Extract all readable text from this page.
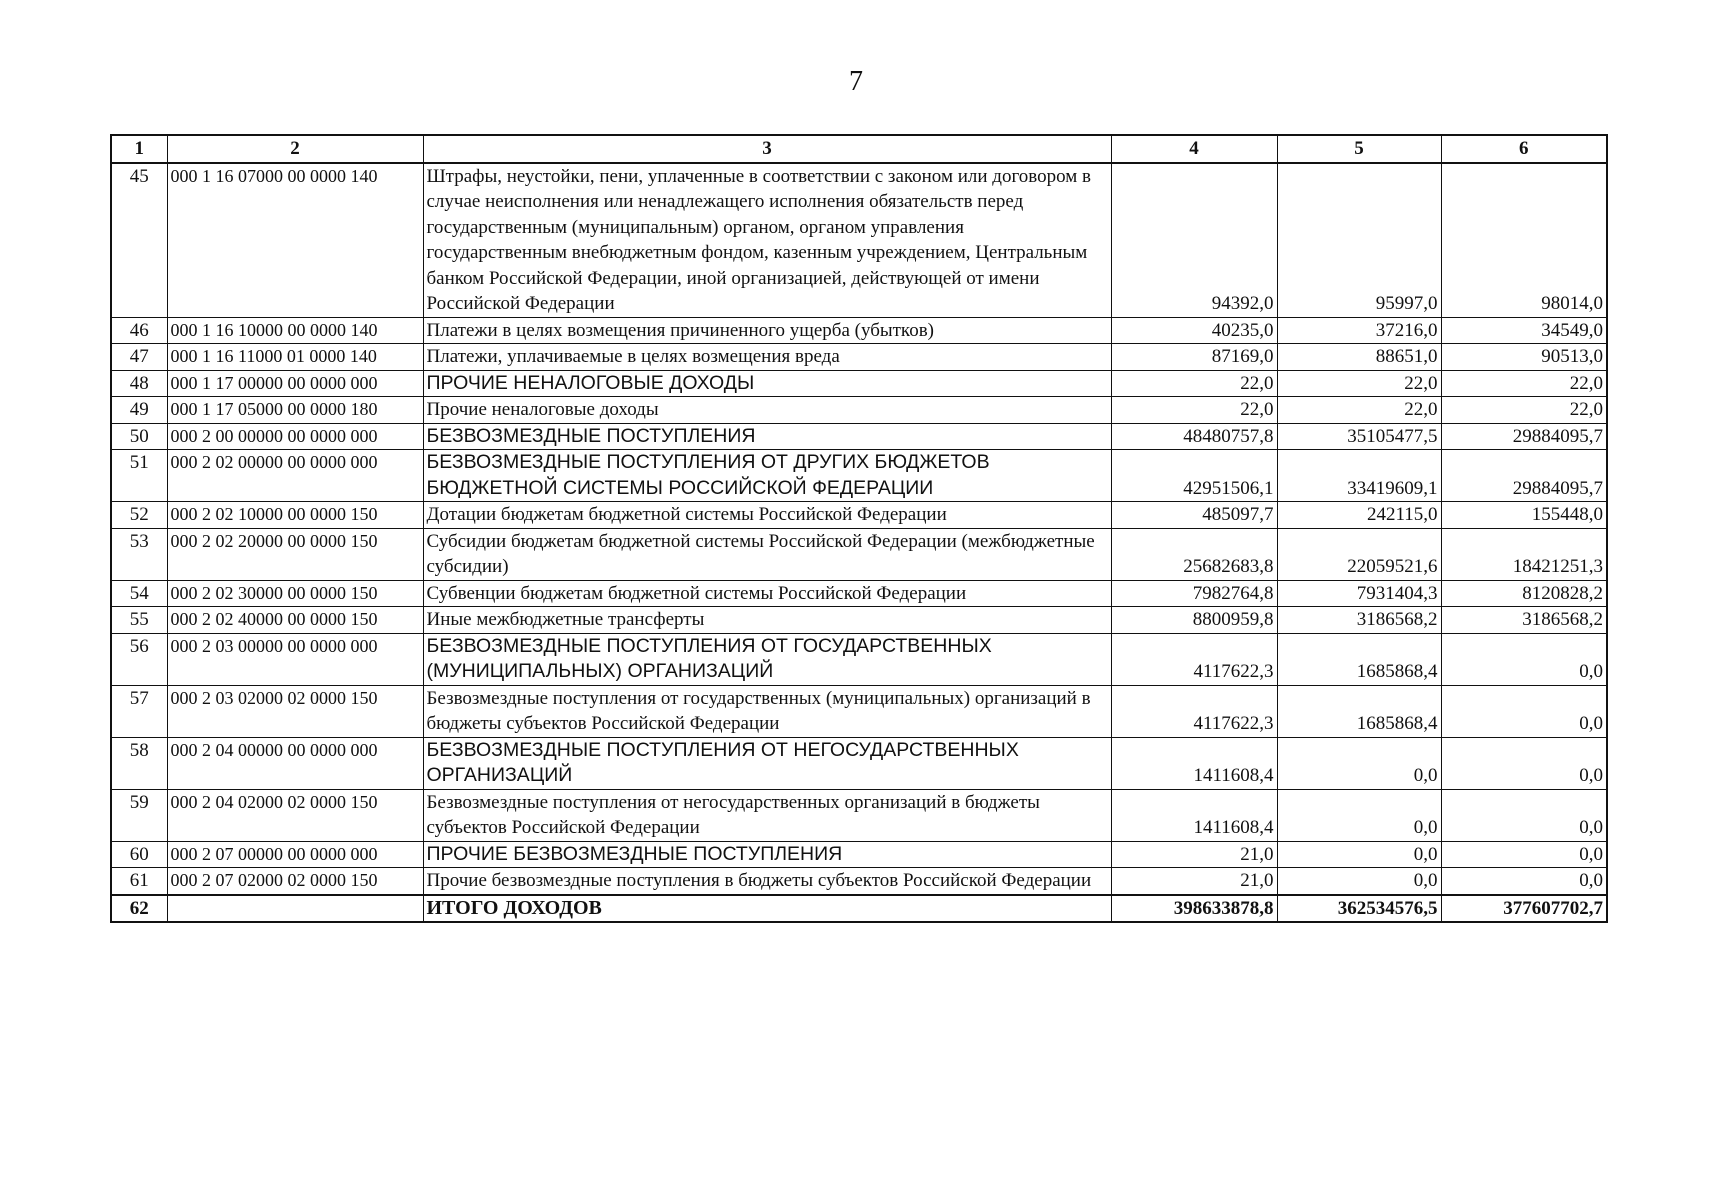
7
1	2	3	4	5	6
45	000 1 16 07000 00 0000 140	Штрафы, неустойки, пени, уплаченные в соответствии с законом или договором в случае неисполнения или ненадлежащего исполнения обязательств перед государственным (муниципальным) органом, органом управления государственным внебюджетным фондом, казенным учреждением, Центральным банком Российской Федерации, иной организацией, действующей от имени Российской Федерации	94392,0	95997,0	98014,0
46	000 1 16 10000 00 0000 140	Платежи в целях возмещения причиненного ущерба (убытков)	40235,0	37216,0	34549,0
47	000 1 16 11000 01 0000 140	Платежи, уплачиваемые в целях возмещения вреда	87169,0	88651,0	90513,0
48	000 1 17 00000 00 0000 000	ПРОЧИЕ НЕНАЛОГОВЫЕ ДОХОДЫ	22,0	22,0	22,0
49	000 1 17 05000 00 0000 180	Прочие неналоговые доходы	22,0	22,0	22,0
50	000 2 00 00000 00 0000 000	БЕЗВОЗМЕЗДНЫЕ ПОСТУПЛЕНИЯ	48480757,8	35105477,5	29884095,7
51	000 2 02 00000 00 0000 000	БЕЗВОЗМЕЗДНЫЕ ПОСТУПЛЕНИЯ ОТ ДРУГИХ БЮДЖЕТОВ БЮДЖЕТНОЙ СИСТЕМЫ РОССИЙСКОЙ ФЕДЕРАЦИИ	42951506,1	33419609,1	29884095,7
52	000 2 02 10000 00 0000 150	Дотации бюджетам бюджетной системы Российской Федерации	485097,7	242115,0	155448,0
53	000 2 02 20000 00 0000 150	Субсидии бюджетам бюджетной системы Российской Федерации (межбюджетные субсидии)	25682683,8	22059521,6	18421251,3
54	000 2 02 30000 00 0000 150	Субвенции бюджетам бюджетной системы Российской Федерации	7982764,8	7931404,3	8120828,2
55	000 2 02 40000 00 0000 150	Иные межбюджетные трансферты	8800959,8	3186568,2	3186568,2
56	000 2 03 00000 00 0000 000	БЕЗВОЗМЕЗДНЫЕ ПОСТУПЛЕНИЯ ОТ ГОСУДАРСТВЕННЫХ (МУНИЦИПАЛЬНЫХ) ОРГАНИЗАЦИЙ	4117622,3	1685868,4	0,0
57	000 2 03 02000 02 0000 150	Безвозмездные поступления от государственных (муниципальных) организаций в бюджеты субъектов Российской Федерации	4117622,3	1685868,4	0,0
58	000 2 04 00000 00 0000 000	БЕЗВОЗМЕЗДНЫЕ ПОСТУПЛЕНИЯ ОТ НЕГОСУДАРСТВЕННЫХ ОРГАНИЗАЦИЙ	1411608,4	0,0	0,0
59	000 2 04 02000 02 0000 150	Безвозмездные поступления от негосударственных организаций в бюджеты субъектов Российской Федерации	1411608,4	0,0	0,0
60	000 2 07 00000 00 0000 000	ПРОЧИЕ БЕЗВОЗМЕЗДНЫЕ ПОСТУПЛЕНИЯ	21,0	0,0	0,0
61	000 2 07 02000 02 0000 150	Прочие безвозмездные поступления в бюджеты субъектов Российской Федерации	21,0	0,0	0,0
62		ИТОГО ДОХОДОВ	398633878,8	362534576,5	377607702,7
